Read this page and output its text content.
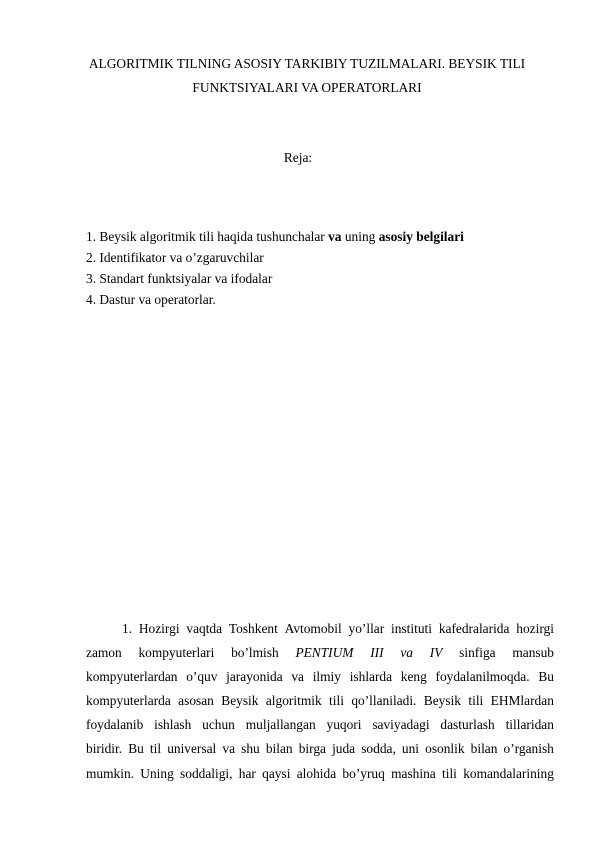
ALGORITMIK TILNING ASOSIY TARKIBIY TUZILMALARI. BEYSIK TILI
FUNKTSIYALARI VA OPERATORLARI
Reja:
1. Beysik algoritmik tili haqida tushunchalar va uning asosiy belgilari
2. Identifikator va o’zgaruvchilar
3. Standart funktsiyalar va ifodalar
4. Dastur va operatorlar.
1. Hozirgi vaqtda Toshkent Avtomobil yo’llar instituti kafedralarida hozirgi
zamon kompyuterlari bo’lmish PENTIUM III va IV sinfiga mansub
kompyuterlardan o’quv jarayonida va ilmiy ishlarda keng foydalanilmoqda. Bu
kompyuterlarda asosan Beysik algoritmik tili qo’llaniladi. Beysik tili EHMlardan
foydalanib ishlash uchun muljallangan yuqori saviyadagi dasturlash tillaridan
biridir. Bu til universal va shu bilan birga juda sodda, uni osonlik bilan o’rganish
mumkin. Uning soddaligi, har qaysi alohida bo’yruq mashina tili komandalarining
